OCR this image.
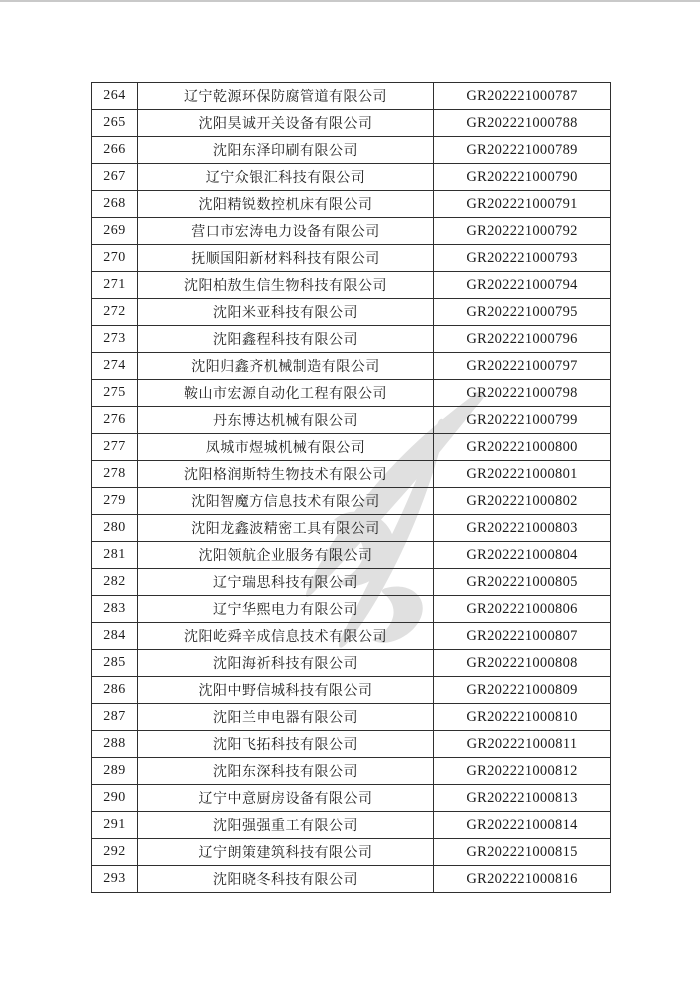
264	辽宁乾源环保防腐管道有限公司	GR202221000787
265	沈阳昊诚开关设备有限公司	GR202221000788
266	沈阳东泽印刷有限公司	GR202221000789
267	辽宁众银汇科技有限公司	GR202221000790
268	沈阳精锐数控机床有限公司	GR202221000791
269	营口市宏涛电力设备有限公司	GR202221000792
270	抚顺国阳新材料科技有限公司	GR202221000793
271	沈阳柏敖生信生物科技有限公司	GR202221000794
272	沈阳米亚科技有限公司	GR202221000795
273	沈阳鑫程科技有限公司	GR202221000796
274	沈阳归鑫齐机械制造有限公司	GR202221000797
275	鞍山市宏源自动化工程有限公司	GR202221000798
276	丹东博达机械有限公司	GR202221000799
277	凤城市煜城机械有限公司	GR202221000800
278	沈阳格润斯特生物技术有限公司	GR202221000801
279	沈阳智魔方信息技术有限公司	GR202221000802
280	沈阳龙鑫波精密工具有限公司	GR202221000803
281	沈阳领航企业服务有限公司	GR202221000804
282	辽宁瑞思科技有限公司	GR202221000805
283	辽宁华熙电力有限公司	GR202221000806
284	沈阳屹舜辛成信息技术有限公司	GR202221000807
285	沈阳海祈科技有限公司	GR202221000808
286	沈阳中野信城科技有限公司	GR202221000809
287	沈阳兰申电器有限公司	GR202221000810
288	沈阳飞拓科技有限公司	GR202221000811
289	沈阳东深科技有限公司	GR202221000812
290	辽宁中意厨房设备有限公司	GR202221000813
291	沈阳强强重工有限公司	GR202221000814
292	辽宁朗策建筑科技有限公司	GR202221000815
293	沈阳晓冬科技有限公司	GR202221000816
